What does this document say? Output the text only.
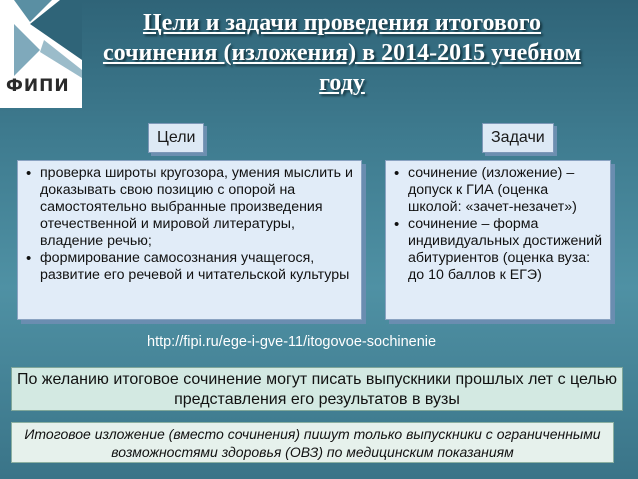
ФИПИ
Цели и задачи проведения итогового сочинения (изложения) в 2014-2015 учебном году
Цели	Задачи
• проверка широты кругозора, умения мыслить и доказывать свою позицию с опорой на самостоятельно выбранные произведения отечественной и мировой литературы, владение речью;
• формирование самосознания учащегося, развитие его речевой и читательской культуры
• сочинение (изложение) – допуск к ГИА (оценка школой: «зачет-незачет»)
• сочинение – форма индивидуальных достижений абитуриентов (оценка вуза: до 10 баллов к ЕГЭ)
http://fipi.ru/ege-i-gve-11/itogovoe-sochinenie
По желанию итоговое сочинение могут писать выпускники прошлых лет с целью представления его результатов в вузы
Итоговое изложение (вместо сочинения) пишут только выпускники с ограниченными возможностями здоровья (ОВЗ) по медицинским показаниям
